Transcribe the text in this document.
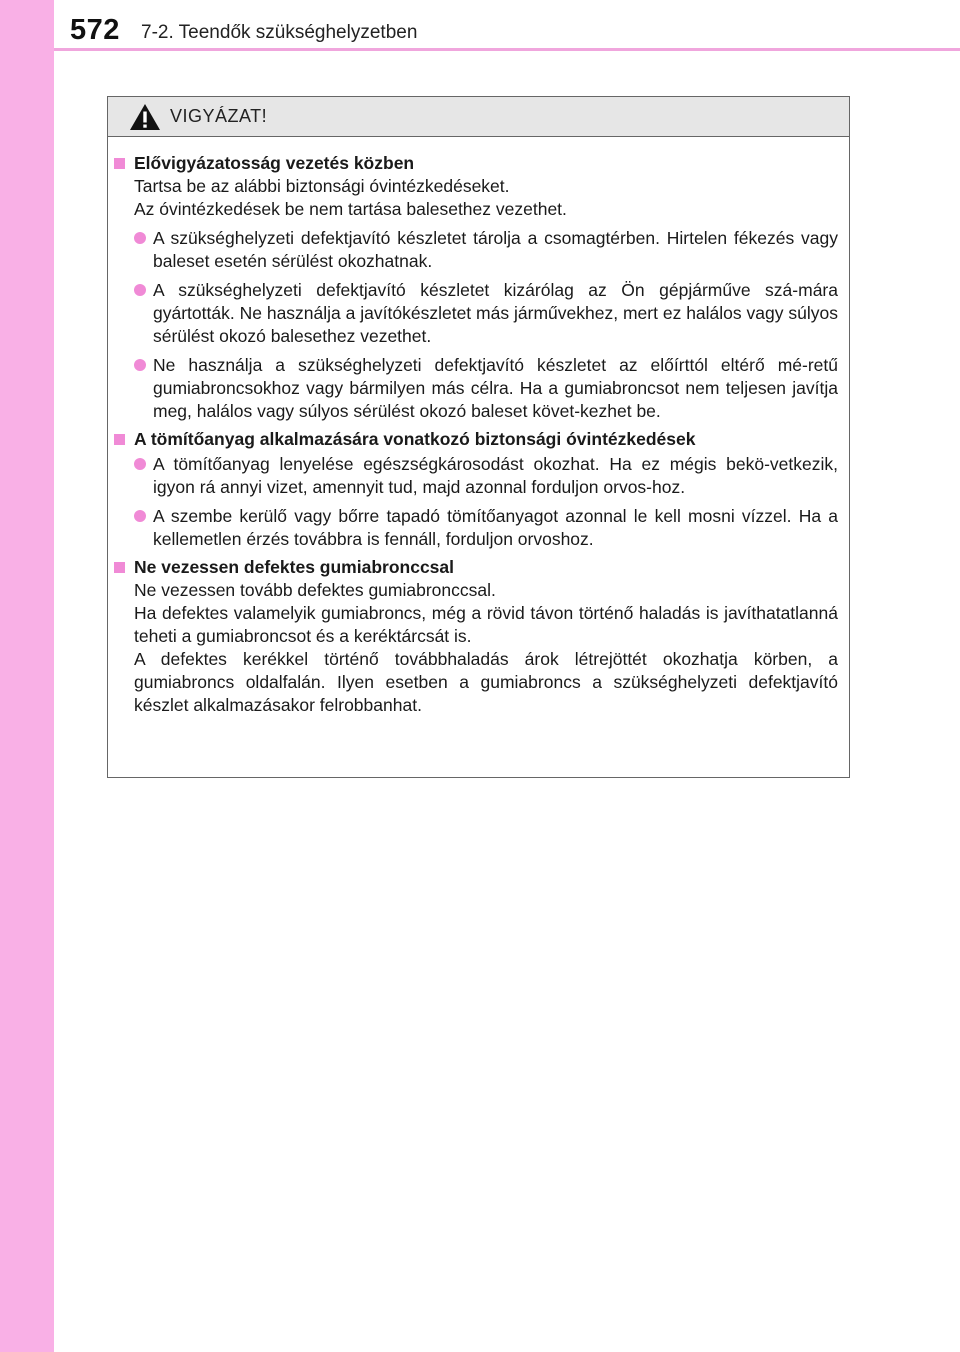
572 7-2. Teendők szükséghelyzetben
VIGYÁZAT!
Elővigyázatosság vezetés közben
Tartsa be az alábbi biztonsági óvintézkedéseket.
Az óvintézkedések be nem tartása balesethez vezethet.
A szükséghelyzeti defektjavító készletet tárolja a csomagtérben. Hirtelen fékezés vagy baleset esetén sérülést okozhatnak.
A szükséghelyzeti defektjavító készletet kizárólag az Ön gépjárműve szá-mára gyártották. Ne használja a javítókészletet más járművekhez, mert ez halálos vagy súlyos sérülést okozó balesethez vezethet.
Ne használja a szükséghelyzeti defektjavító készletet az előírttól eltérő mé-retű gumiabroncsokhoz vagy bármilyen más célra. Ha a gumiabroncsot nem teljesen javítja meg, halálos vagy súlyos sérülést okozó baleset követ-kezhet be.
A tömítőanyag alkalmazására vonatkozó biztonsági óvintézkedések
A tömítőanyag lenyelése egészségkárosodást okozhat. Ha ez mégis bekö-vetkezik, igyon rá annyi vizet, amennyit tud, majd azonnal forduljon orvos-hoz.
A szembe kerülő vagy bőrre tapadó tömítőanyagot azonnal le kell mosni vízzel. Ha a kellemetlen érzés továbbra is fennáll, forduljon orvoshoz.
Ne vezessen defektes gumiabronccsal
Ne vezessen tovább defektes gumiabronccsal.
Ha defektes valamelyik gumiabroncs, még a rövid távon történő haladás is javíthatatlanná teheti a gumiabroncsot és a keréktárcsát is.
A defektes kerékkel történő továbbhaladás árok létrejöttét okozhatja körben, a gumiabroncs oldalfalán. Ilyen esetben a gumiabroncs a szükséghelyzeti defektjavító készlet alkalmazásakor felrobbanhat.
